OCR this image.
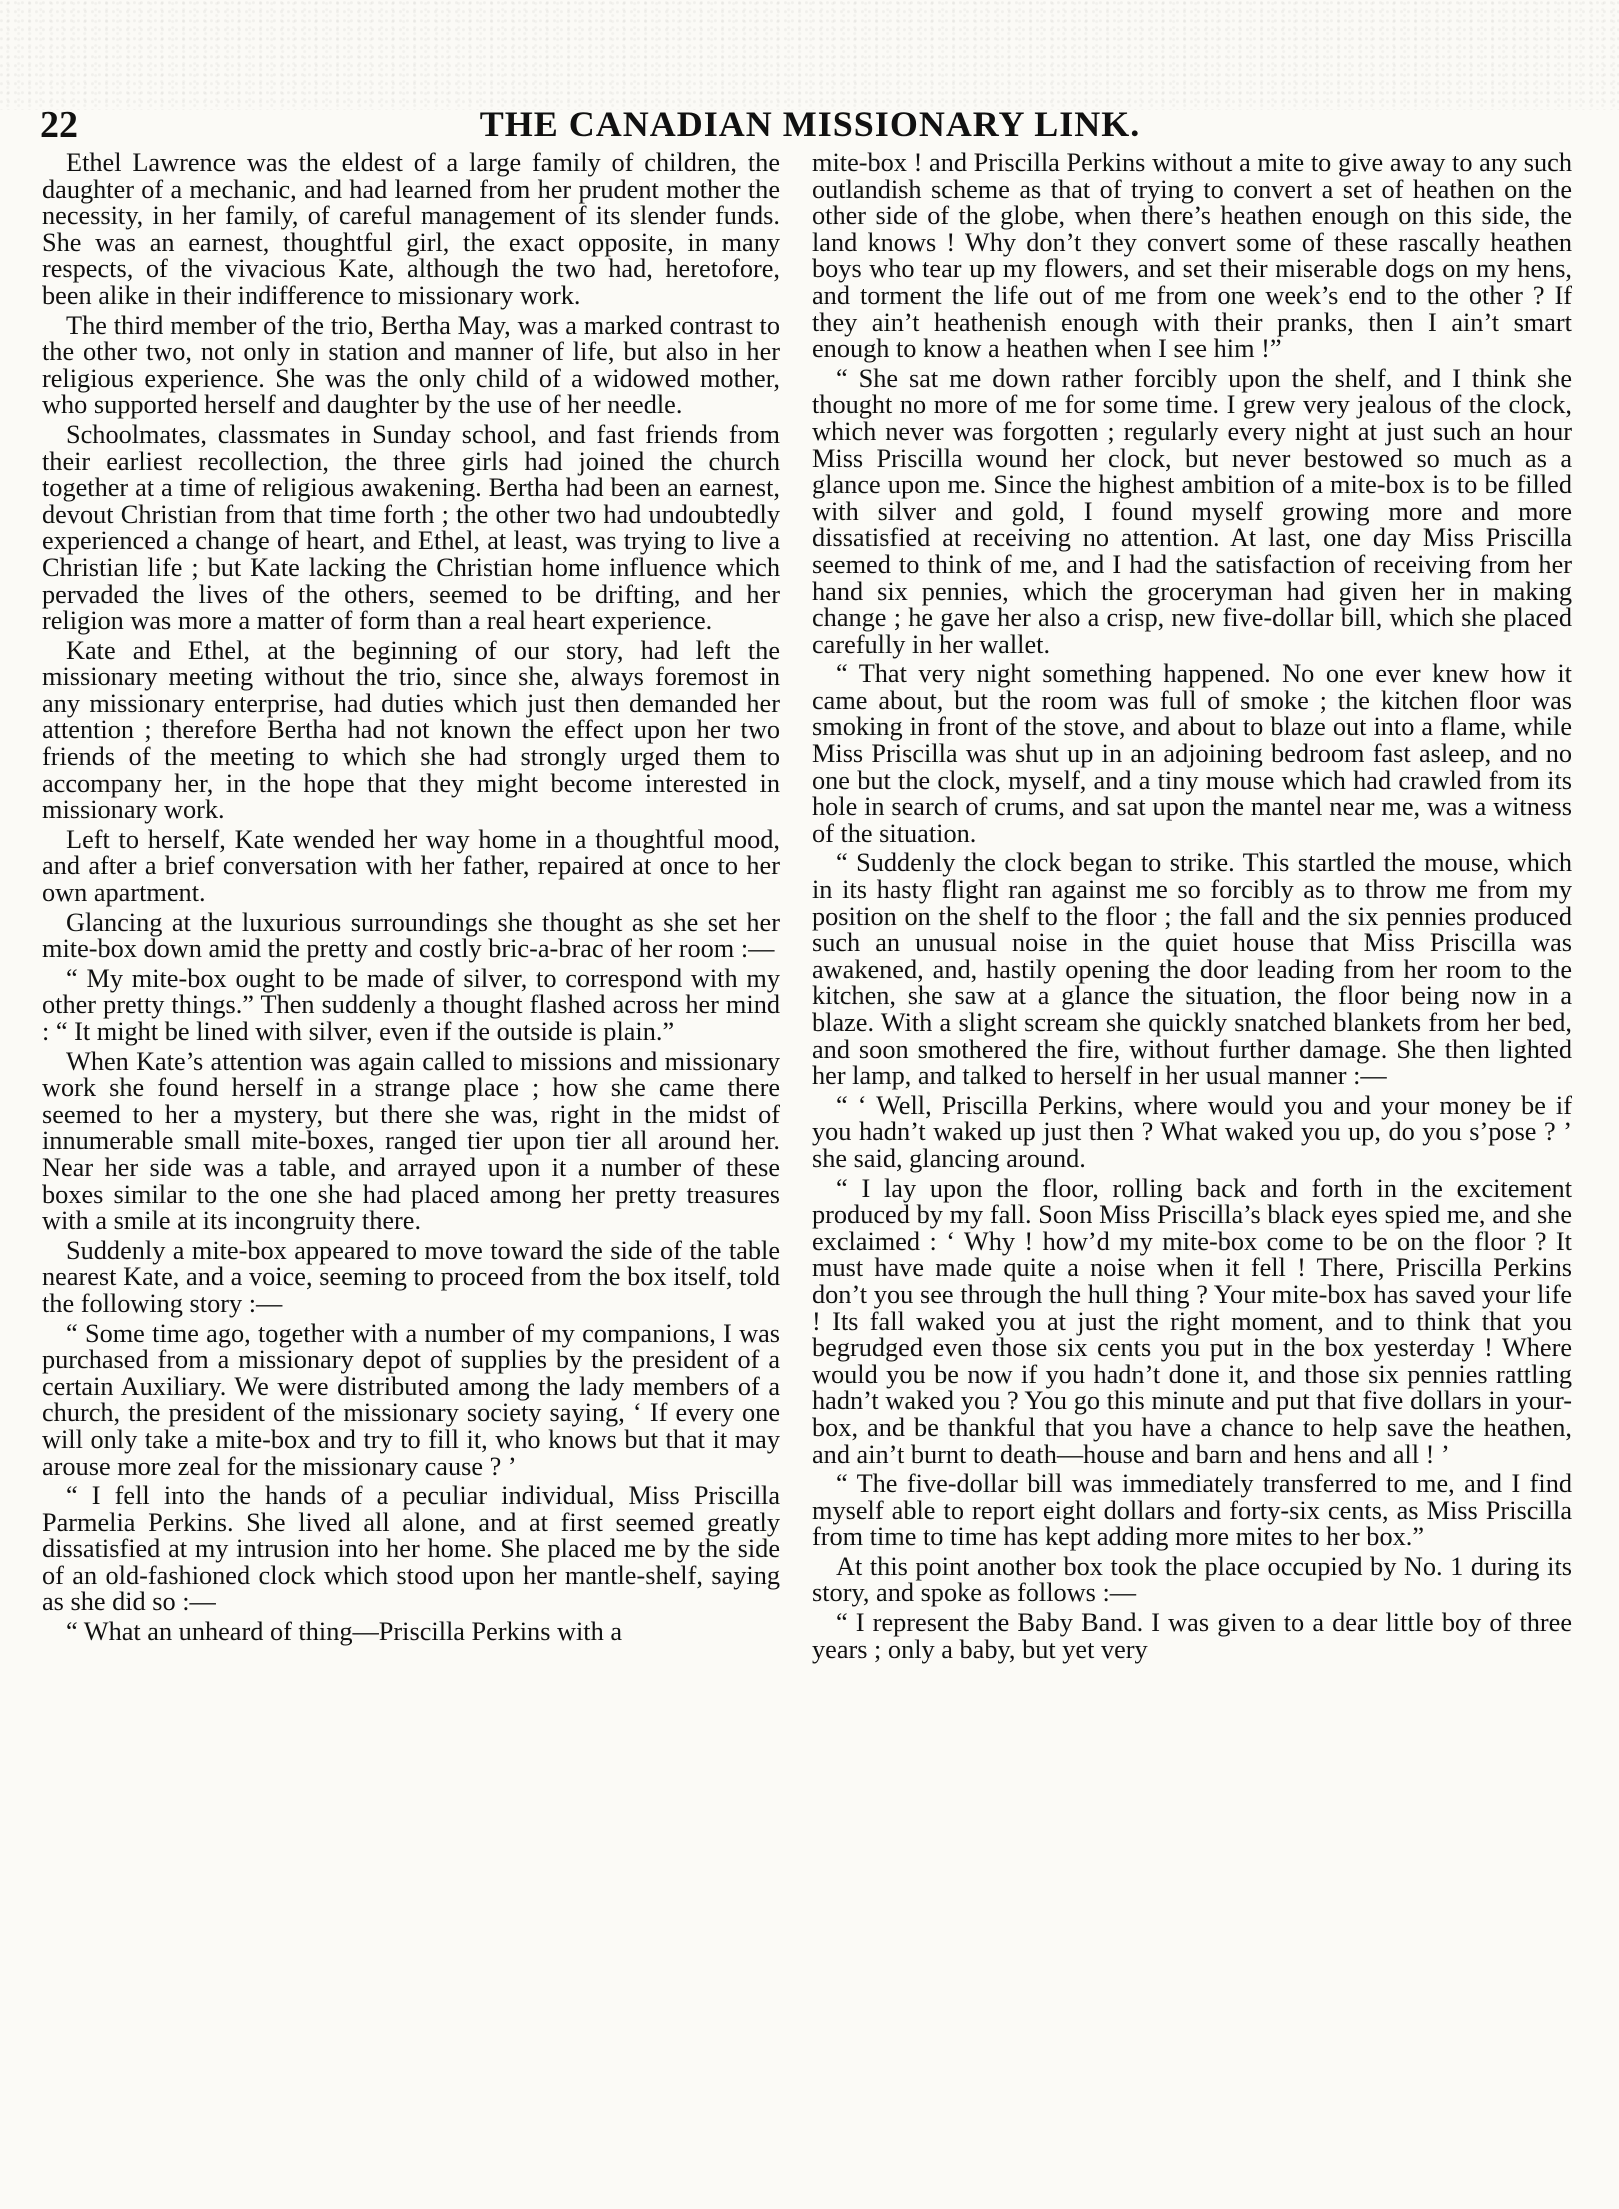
22	THE CANADIAN MISSIONARY LINK.

Ethel Lawrence was the eldest of a large family of children, the daughter of a mechanic, and had learned from her prudent mother the necessity, in her family, of careful management of its slender funds. She was an earnest, thoughtful girl, the exact opposite, in many respects, of the vivacious Kate, although the two had, heretofore, been alike in their indifference to missionary work.

The third member of the trio, Bertha May, was a marked contrast to the other two, not only in station and manner of life, but also in her religious experience. She was the only child of a widowed mother, who supported herself and daughter by the use of her needle.

Schoolmates, classmates in Sunday school, and fast friends from their earliest recollection, the three girls had joined the church together at a time of religious awakening. Bertha had been an earnest, devout Christian from that time forth ; the other two had undoubtedly experienced a change of heart, and Ethel, at least, was trying to live a Christian life ; but Kate lacking the Christian home influence which pervaded the lives of the others, seemed to be drifting, and her religion was more a matter of form than a real heart experience.

Kate and Ethel, at the beginning of our story, had left the missionary meeting without the trio, since she, always foremost in any missionary enterprise, had duties which just then demanded her attention ; therefore Bertha had not known the effect upon her two friends of the meeting to which she had strongly urged them to accompany her, in the hope that they might become interested in missionary work.

Left to herself, Kate wended her way home in a thoughtful mood, and after a brief conversation with her father, repaired at once to her own apartment.

Glancing at the luxurious surroundings she thought as she set her mite-box down amid the pretty and costly bric-a-brac of her room :—

“ My mite-box ought to be made of silver, to correspond with my other pretty things.” Then suddenly a thought flashed across her mind : “ It might be lined with silver, even if the outside is plain.”

When Kate’s attention was again called to missions and missionary work she found herself in a strange place ; how she came there seemed to her a mystery, but there she was, right in the midst of innumerable small mite-boxes, ranged tier upon tier all around her. Near her side was a table, and arrayed upon it a number of these boxes similar to the one she had placed among her pretty treasures with a smile at its incongruity there.

Suddenly a mite-box appeared to move toward the side of the table nearest Kate, and a voice, seeming to proceed from the box itself, told the following story :—

“ Some time ago, together with a number of my companions, I was purchased from a missionary depot of supplies by the president of a certain Auxiliary. We were distributed among the lady members of a church, the president of the missionary society saying, ‘ If every one will only take a mite-box and try to fill it, who knows but that it may arouse more zeal for the missionary cause ? ’

“ I fell into the hands of a peculiar individual, Miss Priscilla Parmelia Perkins. She lived all alone, and at first seemed greatly dissatisfied at my intrusion into her home. She placed me by the side of an old-fashioned clock which stood upon her mantle-shelf, saying as she did so :—

“ What an unheard of thing—Priscilla Perkins with a

mite-box ! and Priscilla Perkins without a mite to give away to any such outlandish scheme as that of trying to convert a set of heathen on the other side of the globe, when there’s heathen enough on this side, the land knows ! Why don’t they convert some of these rascally heathen boys who tear up my flowers, and set their miserable dogs on my hens, and torment the life out of me from one week’s end to the other ? If they ain’t heathenish enough with their pranks, then I ain’t smart enough to know a heathen when I see him !”

“ She sat me down rather forcibly upon the shelf, and I think she thought no more of me for some time. I grew very jealous of the clock, which never was forgotten ; regularly every night at just such an hour Miss Priscilla wound her clock, but never bestowed so much as a glance upon me. Since the highest ambition of a mite-box is to be filled with silver and gold, I found myself growing more and more dissatisfied at receiving no attention. At last, one day Miss Priscilla seemed to think of me, and I had the satisfaction of receiving from her hand six pennies, which the groceryman had given her in making change ; he gave her also a crisp, new five-dollar bill, which she placed carefully in her wallet.

“ That very night something happened. No one ever knew how it came about, but the room was full of smoke ; the kitchen floor was smoking in front of the stove, and about to blaze out into a flame, while Miss Priscilla was shut up in an adjoining bedroom fast asleep, and no one but the clock, myself, and a tiny mouse which had crawled from its hole in search of crums, and sat upon the mantel near me, was a witness of the situation.

“ Suddenly the clock began to strike. This startled the mouse, which in its hasty flight ran against me so forcibly as to throw me from my position on the shelf to the floor ; the fall and the six pennies produced such an unusual noise in the quiet house that Miss Priscilla was awakened, and, hastily opening the door leading from her room to the kitchen, she saw at a glance the situation, the floor being now in a blaze. With a slight scream she quickly snatched blankets from her bed, and soon smothered the fire, without further damage. She then lighted her lamp, and talked to herself in her usual manner :—

“ ‘ Well, Priscilla Perkins, where would you and your money be if you hadn’t waked up just then ? What waked you up, do you s’pose ? ’ she said, glancing around.

“ I lay upon the floor, rolling back and forth in the excitement produced by my fall. Soon Miss Priscilla’s black eyes spied me, and she exclaimed : ‘ Why ! how’d my mite-box come to be on the floor ? It must have made quite a noise when it fell ! There, Priscilla Perkins don’t you see through the hull thing ? Your mite-box has saved your life ! Its fall waked you at just the right moment, and to think that you begrudged even those six cents you put in the box yesterday ! Where would you be now if you hadn’t done it, and those six pennies rattling hadn’t waked you ? You go this minute and put that five dollars in your-box, and be thankful that you have a chance to help save the heathen, and ain’t burnt to death—house and barn and hens and all ! ’

“ The five-dollar bill was immediately transferred to me, and I find myself able to report eight dollars and forty-six cents, as Miss Priscilla from time to time has kept adding more mites to her box.”

At this point another box took the place occupied by No. 1 during its story, and spoke as follows :—

“ I represent the Baby Band. I was given to a dear little boy of three years ; only a baby, but yet very
